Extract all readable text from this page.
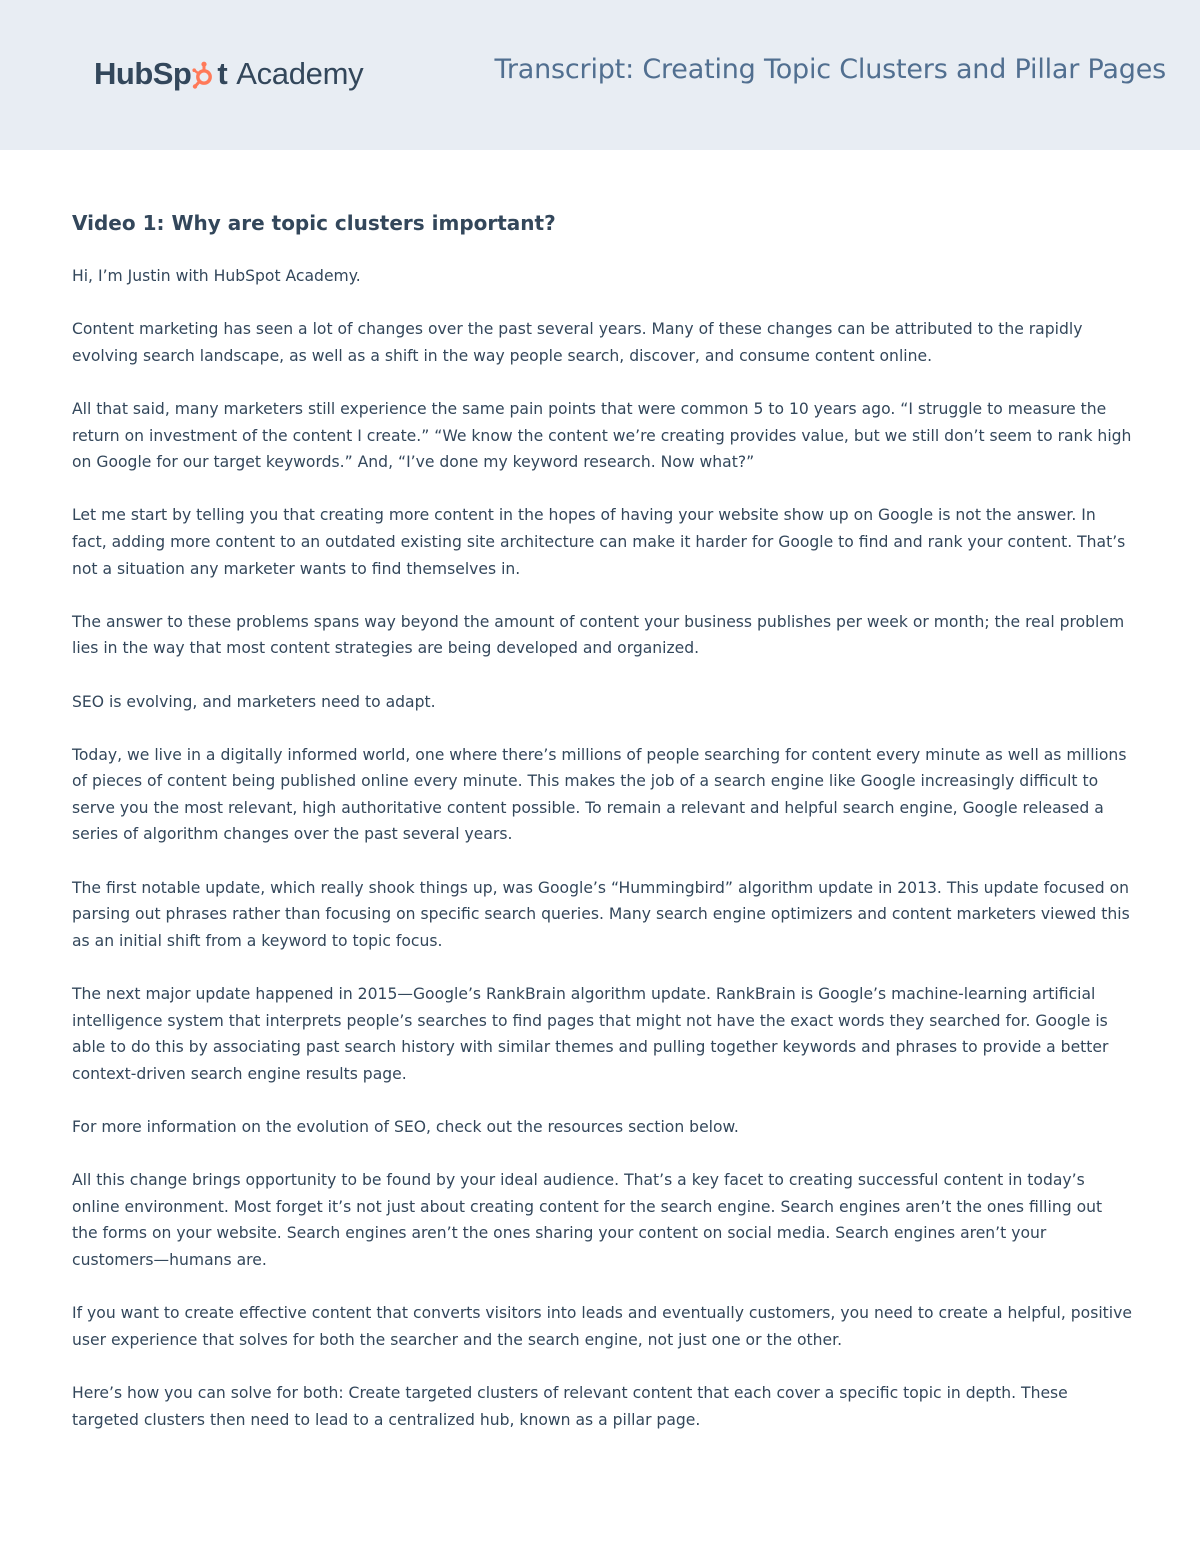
HubSp t Academy	Transcript: Creating Topic Clusters and Pillar Pages
Video 1: Why are topic clusters important?

Hi, I’m Justin with HubSpot Academy.

Content marketing has seen a lot of changes over the past several years. Many of these changes can be attributed to the rapidly evolving search landscape, as well as a shift in the way people search, discover, and consume content online.

All that said, many marketers still experience the same pain points that were common 5 to 10 years ago. “I struggle to measure the return on investment of the content I create.” “We know the content we’re creating provides value, but we still don’t seem to rank high on Google for our target keywords.” And, “I’ve done my keyword research. Now what?”

Let me start by telling you that creating more content in the hopes of having your website show up on Google is not the answer. In fact, adding more content to an outdated existing site architecture can make it harder for Google to find and rank your content. That’s not a situation any marketer wants to find themselves in.

The answer to these problems spans way beyond the amount of content your business publishes per week or month; the real problem lies in the way that most content strategies are being developed and organized.

SEO is evolving, and marketers need to adapt.

Today, we live in a digitally informed world, one where there’s millions of people searching for content every minute as well as millions of pieces of content being published online every minute. This makes the job of a search engine like Google increasingly difficult to serve you the most relevant, high authoritative content possible. To remain a relevant and helpful search engine, Google released a series of algorithm changes over the past several years.

The first notable update, which really shook things up, was Google’s “Hummingbird” algorithm update in 2013. This update focused on parsing out phrases rather than focusing on specific search queries. Many search engine optimizers and content marketers viewed this as an initial shift from a keyword to topic focus.

The next major update happened in 2015—Google’s RankBrain algorithm update. RankBrain is Google’s machine-learning artificial intelligence system that interprets people’s searches to find pages that might not have the exact words they searched for. Google is able to do this by associating past search history with similar themes and pulling together keywords and phrases to provide a better context-driven search engine results page.

For more information on the evolution of SEO, check out the resources section below.

All this change brings opportunity to be found by your ideal audience. That’s a key facet to creating successful content in today’s online environment. Most forget it’s not just about creating content for the search engine. Search engines aren’t the ones filling out the forms on your website. Search engines aren’t the ones sharing your content on social media. Search engines aren’t your customers—humans are.

If you want to create effective content that converts visitors into leads and eventually customers, you need to create a helpful, positive user experience that solves for both the searcher and the search engine, not just one or the other.

Here’s how you can solve for both: Create targeted clusters of relevant content that each cover a specific topic in depth. These targeted clusters then need to lead to a centralized hub, known as a pillar page.
